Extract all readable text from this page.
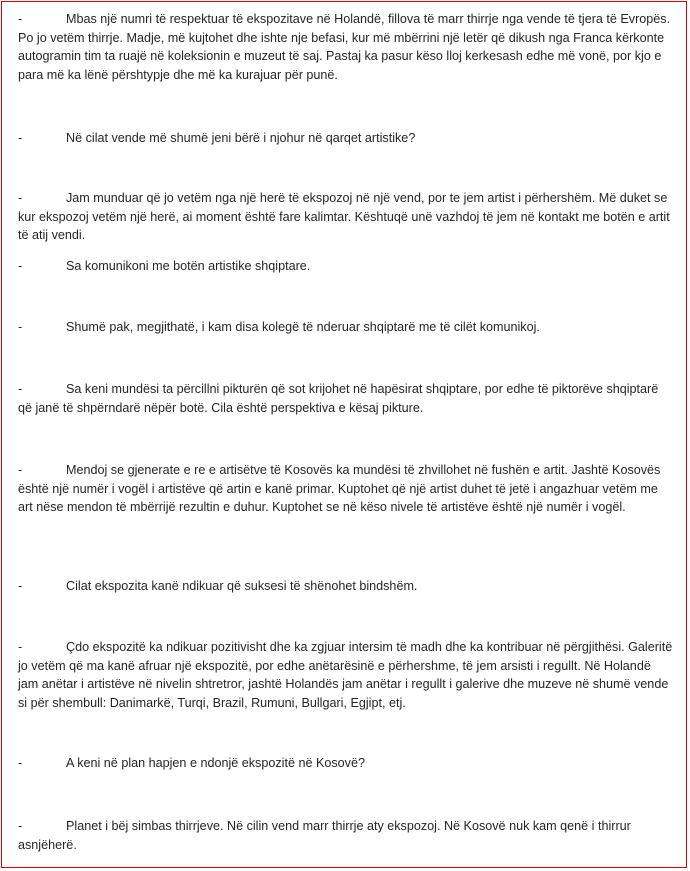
-	Mbas një numri të respektuar të ekspozitave në Holandë, fillova të marr thirrje nga vende të tjera të Evropës. Po jo vetëm thirrje. Madje, më kujtohet dhe ishte nje befasi, kur më mbërrini një letër që dikush nga Franca kërkonte autogramin tim ta ruajë në koleksionin e muzeut të saj. Pastaj ka pasur këso lloj kerkesash edhe më vonë, por kjo e para më ka lënë përshtypje dhe më ka kurajuar për punë.

-	Në cilat vende më shumë jeni bërë i njohur në qarqet artistike?

-	Jam munduar që jo vetëm nga një herë të ekspozoj në një vend, por te jem artist i përhershëm. Më duket se kur ekspozoj vetëm një herë, ai moment është fare kalimtar. Kështuqë unë vazhdoj të jem në kontakt me botën e artit të atij vendi.

-	Sa komunikoni me botën artistike shqiptare.

-	Shumë pak, megjithatë, i kam disa kolegë të nderuar shqiptarë me të cilët komunikoj.

-	Sa keni mundësi ta përcillni pikturën që sot krijohet në hapësirat shqiptare, por edhe të piktorëve shqiptarë që janë të shpërndarë nëpër botë. Cila është perspektiva e kësaj pikture.

-	Mendoj se gjenerate e re e artisëtve të Kosovës ka mundësi të zhvillohet në fushën e artit. Jashtë Kosovës është një numër i vogël i artistëve që artin e kanë primar. Kuptohet që një artist duhet të jetë i angazhuar vetëm me art nëse mendon të mbërrijë rezultin e duhur. Kuptohet se në këso nivele të artistëve është një numër i vogël.

-	Cilat ekspozita kanë ndikuar që suksesi të shënohet bindshëm.

-	Çdo ekspozitë ka ndikuar pozitivisht dhe ka zgjuar intersim të madh dhe ka kontribuar në përgjithësi. Galeritë jo vetëm që ma kanë afruar një ekspozitë, por edhe anëtarësinë e përhershme, të jem arsisti i regullt. Në Holandë jam anëtar i artistëve në nivelin shtretror, jashtë Holandës jam anëtar i regullt i galerive dhe muzeve në shumë vende si për shembull: Danimarkë, Turqi, Brazil, Rumuni, Bullgari, Egjipt, etj.

-	A keni në plan hapjen e ndonjë ekspozitë në Kosovë?

-	Planet i bëj simbas thirrjeve. Në cilin vend marr thirrje aty ekspozoj. Në Kosovë nuk kam qenë i thirrur asnjëherë.
